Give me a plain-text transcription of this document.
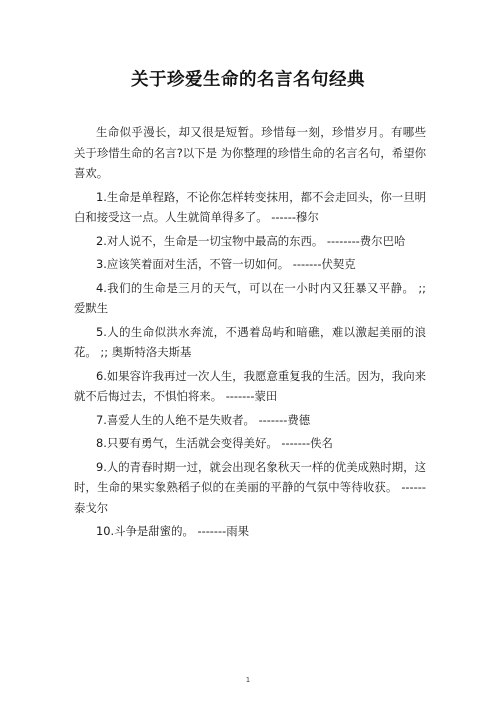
关于珍爱生命的名言名句经典

生命似乎漫长，却又很是短暂。珍惜每一刻，珍惜岁月。有哪些关于珍惜生命的名言?以下是 为你整理的珍惜生命的名言名句，希望你喜欢。

1.生命是单程路，不论你怎样转变抹用，都不会走回头，你一旦明白和接受这一点。人生就简单得多了。 ------穆尔

2.对人说不，生命是一切宝物中最高的东西。 --------费尔巴哈

3.应该笑着面对生活，不管一切如何。 -------伏契克

4.我们的生命是三月的天气，可以在一小时内又狂暴又平静。 ;; 爱默生

5.人的生命似洪水奔流，不遇着岛屿和暗礁，难以激起美丽的浪花。 ;; 奥斯特洛夫斯基

6.如果容许我再过一次人生，我愿意重复我的生活。因为，我向来就不后悔过去，不惧怕将来。 -------蒙田

7.喜爱人生的人绝不是失败者。 -------费德

8.只要有勇气，生活就会变得美好。 -------佚名

9.人的青春时期一过，就会出现名象秋天一样的优美成熟时期，这时，生命的果实象熟稻子似的在美丽的平静的气氛中等待收获。 ------泰戈尔

10.斗争是甜蜜的。 -------雨果

1
